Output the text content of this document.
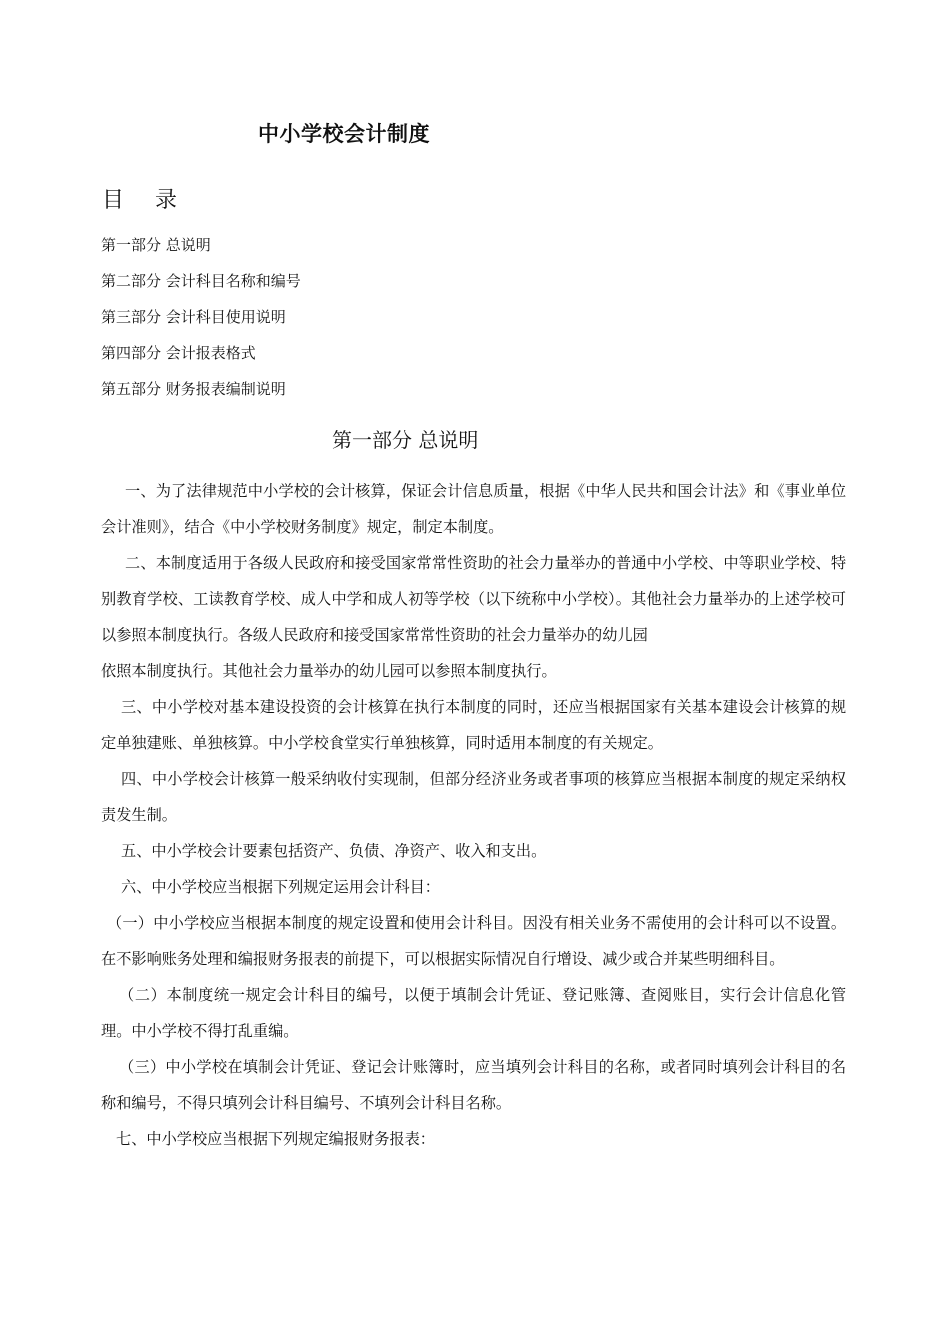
中小学校会计制度
目 录
第一部分 总说明
第二部分 会计科目名称和编号
第三部分 会计科目使用说明
第四部分 会计报表格式
第五部分 财务报表编制说明
第一部分 总说明

一、为了法律规范中小学校的会计核算，保证会计信息质量，根据《中华人民共和国会计法》和《事业单位会计准则》，结合《中小学校财务制度》规定，制定本制度。

二、本制度适用于各级人民政府和接受国家常常性资助的社会力量举办的普通中小学校、中等职业学校、特别教育学校、工读教育学校、成人中学和成人初等学校（以下统称中小学校）。其他社会力量举办的上述学校可以参照本制度执行。各级人民政府和接受国家常常性资助的社会力量举办的幼儿园

依照本制度执行。其他社会力量举办的幼儿园可以参照本制度执行。

三、中小学校对基本建设投资的会计核算在执行本制度的同时，还应当根据国家有关基本建设会计核算的规定单独建账、单独核算。中小学校食堂实行单独核算，同时适用本制度的有关规定。

四、中小学校会计核算一般采纳收付实现制，但部分经济业务或者事项的核算应当根据本制度的规定采纳权责发生制。

五、中小学校会计要素包括资产、负债、净资产、收入和支出。

六、中小学校应当根据下列规定运用会计科目：

（一）中小学校应当根据本制度的规定设置和使用会计科目。因没有相关业务不需使用的会计科可以不设置。在不影响账务处理和编报财务报表的前提下，可以根据实际情况自行增设、减少或合并某些明细科目。

（二）本制度统一规定会计科目的编号，以便于填制会计凭证、登记账簿、查阅账目，实行会计信息化管理。中小学校不得打乱重编。

（三）中小学校在填制会计凭证、登记会计账簿时，应当填列会计科目的名称，或者同时填列会计科目的名称和编号，不得只填列会计科目编号、不填列会计科目名称。

七、中小学校应当根据下列规定编报财务报表：
